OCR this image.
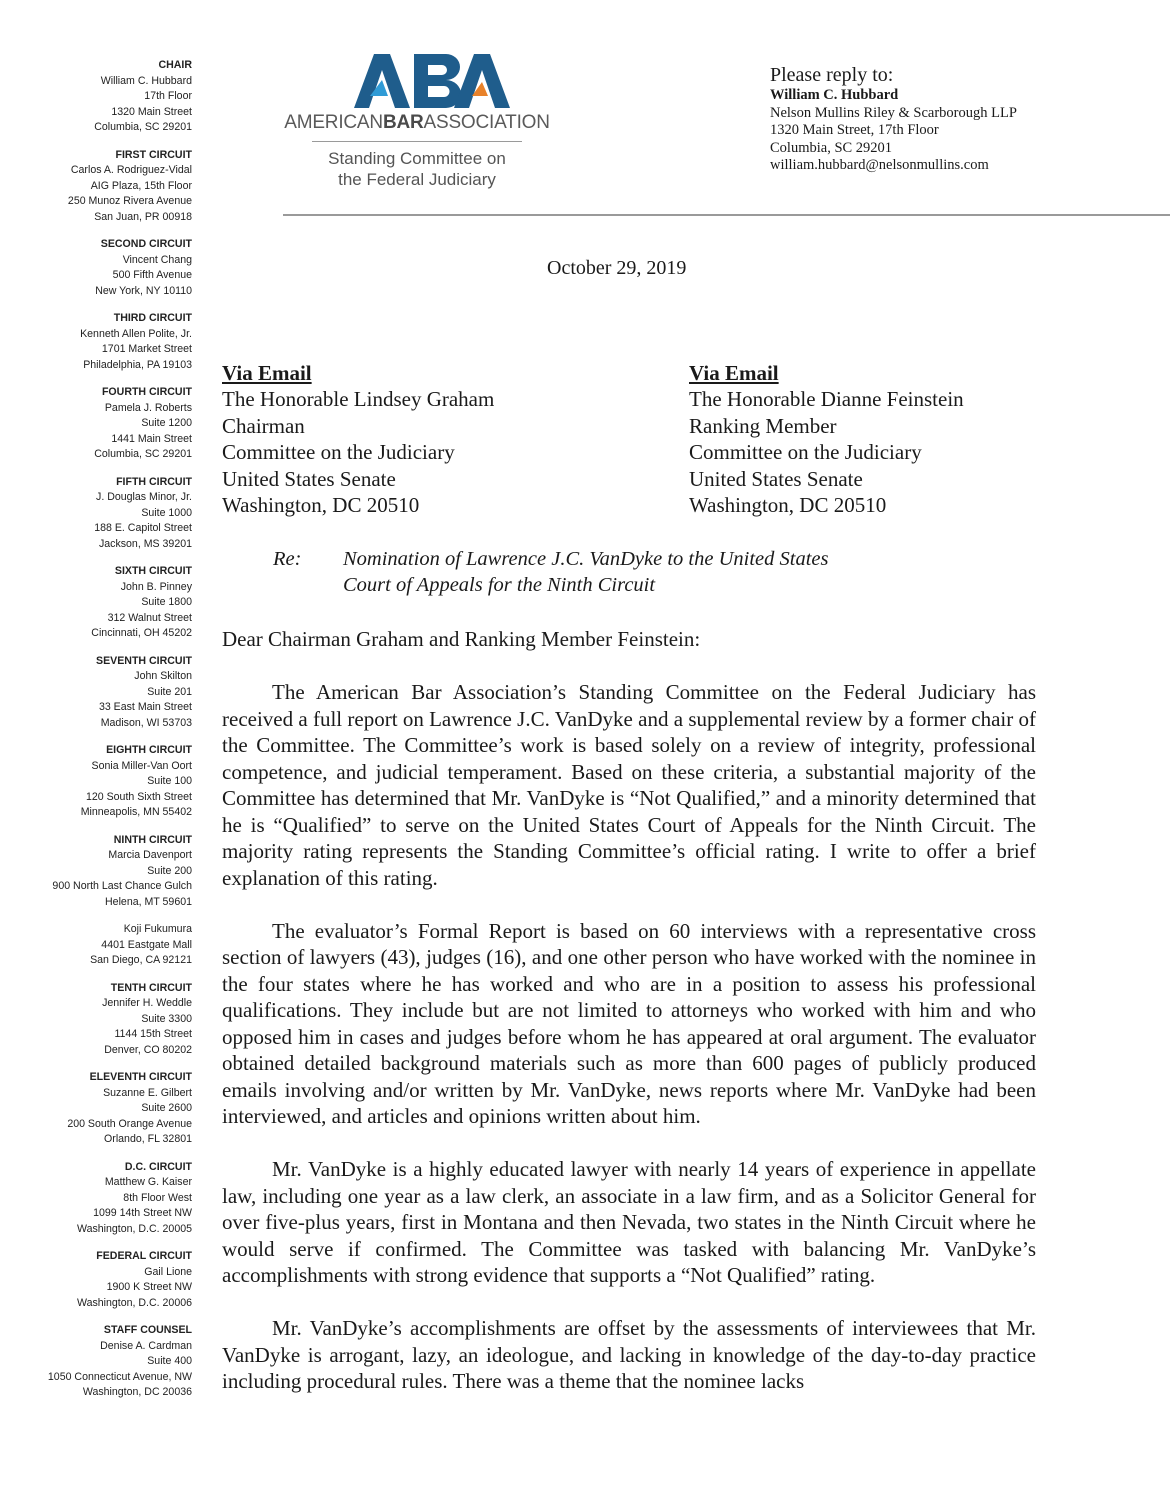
CHAIR
William C. Hubbard
17th Floor
1320 Main Street
Columbia, SC 29201
FIRST CIRCUIT
Carlos A. Rodriguez-Vidal
AIG Plaza, 15th Floor
250 Munoz Rivera Avenue
San Juan, PR 00918
SECOND CIRCUIT
Vincent Chang
500 Fifth Avenue
New York, NY 10110
THIRD CIRCUIT
Kenneth Allen Polite, Jr.
1701 Market Street
Philadelphia, PA 19103
FOURTH CIRCUIT
Pamela J. Roberts
Suite 1200
1441 Main Street
Columbia, SC 29201
FIFTH CIRCUIT
J. Douglas Minor, Jr.
Suite 1000
188 E. Capitol Street
Jackson, MS 39201
SIXTH CIRCUIT
John B. Pinney
Suite 1800
312 Walnut Street
Cincinnati, OH 45202
SEVENTH CIRCUIT
John Skilton
Suite 201
33 East Main Street
Madison, WI 53703
EIGHTH CIRCUIT
Sonia Miller-Van Oort
Suite 100
120 South Sixth Street
Minneapolis, MN 55402
NINTH CIRCUIT
Marcia Davenport
Suite 200
900 North Last Chance Gulch
Helena, MT 59601
Koji Fukumura
4401 Eastgate Mall
San Diego, CA 92121
TENTH CIRCUIT
Jennifer H. Weddle
Suite 3300
1144 15th Street
Denver, CO 80202
ELEVENTH CIRCUIT
Suzanne E. Gilbert
Suite 2600
200 South Orange Avenue
Orlando, FL 32801
D.C. CIRCUIT
Matthew G. Kaiser
8th Floor West
1099 14th Street NW
Washington, D.C. 20005
FEDERAL CIRCUIT
Gail Lione
1900 K Street NW
Washington, D.C. 20006
STAFF COUNSEL
Denise A. Cardman
Suite 400
1050 Connecticut Avenue, NW
Washington, DC 20036
AMERICANBARASSOCIATION
Standing Committee on
the Federal Judiciary
Please reply to:
William C. Hubbard
Nelson Mullins Riley & Scarborough LLP
1320 Main Street, 17th Floor
Columbia, SC 29201
william.hubbard@nelsonmullins.com
October 29, 2019
Via Email
The Honorable Lindsey Graham
Chairman
Committee on the Judiciary
United States Senate
Washington, DC 20510
Via Email
The Honorable Dianne Feinstein
Ranking Member
Committee on the Judiciary
United States Senate
Washington, DC 20510
Re: Nomination of Lawrence J.C. VanDyke to the United States
Court of Appeals for the Ninth Circuit
Dear Chairman Graham and Ranking Member Feinstein:

The American Bar Association’s Standing Committee on the Federal Judiciary has received a full report on Lawrence J.C. VanDyke and a supplemental review by a former chair of the Committee. The Committee’s work is based solely on a review of integrity, professional competence, and judicial temperament. Based on these criteria, a substantial majority of the Committee has determined that Mr. VanDyke is “Not Qualified,” and a minority determined that he is “Qualified” to serve on the United States Court of Appeals for the Ninth Circuit. The majority rating represents the Standing Committee’s official rating. I write to offer a brief explanation of this rating.

The evaluator’s Formal Report is based on 60 interviews with a representative cross section of lawyers (43), judges (16), and one other person who have worked with the nominee in the four states where he has worked and who are in a position to assess his professional qualifications. They include but are not limited to attorneys who worked with him and who opposed him in cases and judges before whom he has appeared at oral argument. The evaluator obtained detailed background materials such as more than 600 pages of publicly produced emails involving and/or written by Mr. VanDyke, news reports where Mr. VanDyke had been interviewed, and articles and opinions written about him.

Mr. VanDyke is a highly educated lawyer with nearly 14 years of experience in appellate law, including one year as a law clerk, an associate in a law firm, and as a Solicitor General for over five-plus years, first in Montana and then Nevada, two states in the Ninth Circuit where he would serve if confirmed. The Committee was tasked with balancing Mr. VanDyke’s accomplishments with strong evidence that supports a “Not Qualified” rating.

Mr. VanDyke’s accomplishments are offset by the assessments of interviewees that Mr. VanDyke is arrogant, lazy, an ideologue, and lacking in knowledge of the day-to-day practice including procedural rules. There was a theme that the nominee lacks
